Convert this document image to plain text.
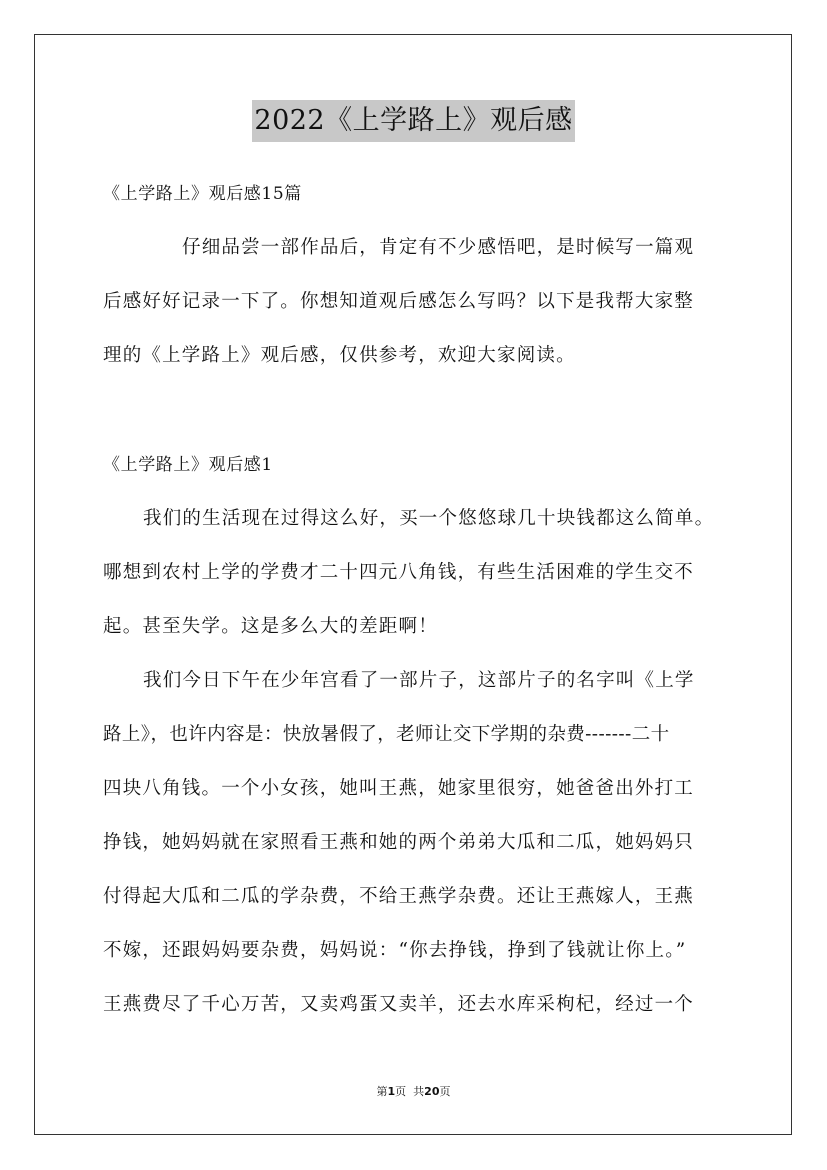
2022《上学路上》观后感
《上学路上》观后感15篇
仔细品尝一部作品后，肯定有不少感悟吧，是时候写一篇观
后感好好记录一下了。你想知道观后感怎么写吗？以下是我帮大家整
理的《上学路上》观后感，仅供参考，欢迎大家阅读。
《上学路上》观后感1
我们的生活现在过得这么好，买一个悠悠球几十块钱都这么简单。
哪想到农村上学的学费才二十四元八角钱，有些生活困难的学生交不
起。甚至失学。这是多么大的差距啊！
我们今日下午在少年宫看了一部片子，这部片子的名字叫《上学
路上》，也许内容是：快放暑假了，老师让交下学期的杂费-------二十
四块八角钱。一个小女孩，她叫王燕，她家里很穷，她爸爸出外打工
挣钱，她妈妈就在家照看王燕和她的两个弟弟大瓜和二瓜，她妈妈只
付得起大瓜和二瓜的学杂费，不给王燕学杂费。还让王燕嫁人，王燕
不嫁，还跟妈妈要杂费，妈妈说：“你去挣钱，挣到了钱就让你上。”
王燕费尽了千心万苦，又卖鸡蛋又卖羊，还去水库采枸杞，经过一个
第1页  共20页
